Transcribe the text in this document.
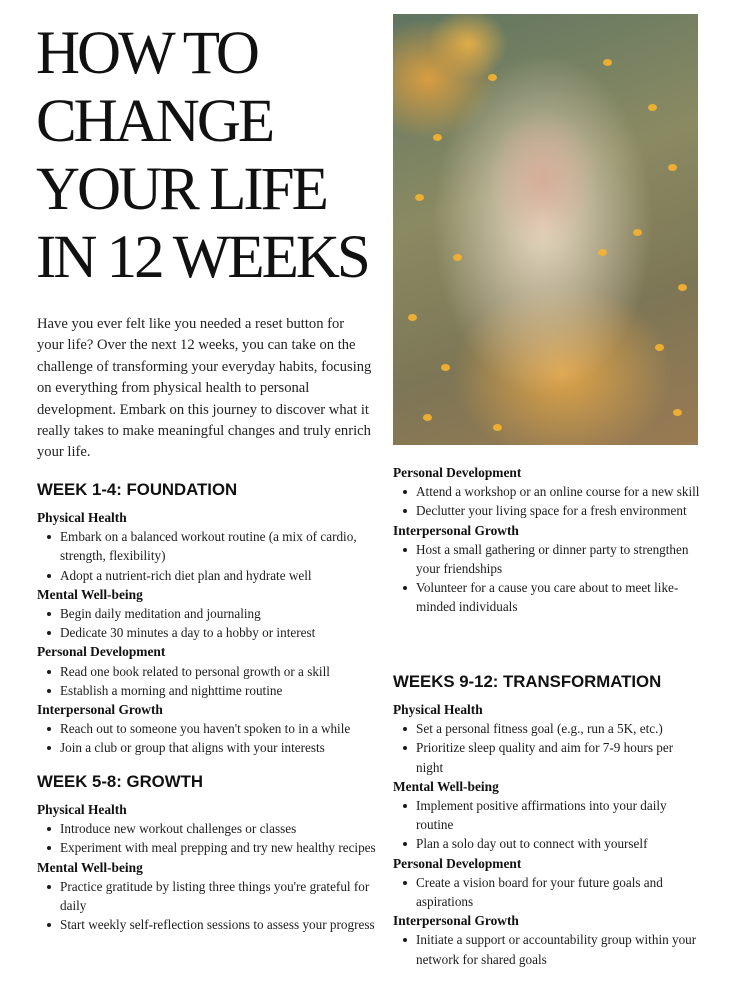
HOW TO
CHANGE
YOUR LIFE
IN 12 WEEKS

Have you ever felt like you needed a reset button for your life? Over the next 12 weeks, you can take on the challenge of transforming your everyday habits, focusing on everything from physical health to personal development. Embark on this journey to discover what it really takes to make meaningful changes and truly enrich your life.

WEEK 1-4: FOUNDATION
Physical Health
Embark on a balanced workout routine (a mix of cardio, strength, flexibility)
Adopt a nutrient-rich diet plan and hydrate well
Mental Well-being
Begin daily meditation and journaling
Dedicate 30 minutes a day to a hobby or interest
Personal Development
Read one book related to personal growth or a skill
Establish a morning and nighttime routine
Interpersonal Growth
Reach out to someone you haven't spoken to in a while
Join a club or group that aligns with your interests
WEEK 5-8: GROWTH
Physical Health
Introduce new workout challenges or classes
Experiment with meal prepping and try new healthy recipes
Mental Well-being
Practice gratitude by listing three things you're grateful for daily
Start weekly self-reflection sessions to assess your progress
Personal Development
Attend a workshop or an online course for a new skill
Declutter your living space for a fresh environment
Interpersonal Growth
Host a small gathering or dinner party to strengthen your friendships
Volunteer for a cause you care about to meet like-minded individuals
WEEKS 9-12: TRANSFORMATION
Physical Health
Set a personal fitness goal (e.g., run a 5K, etc.)
Prioritize sleep quality and aim for 7-9 hours per night
Mental Well-being
Implement positive affirmations into your daily routine
Plan a solo day out to connect with yourself
Personal Development
Create a vision board for your future goals and aspirations
Interpersonal Growth
Initiate a support or accountability group within your network for shared goals
